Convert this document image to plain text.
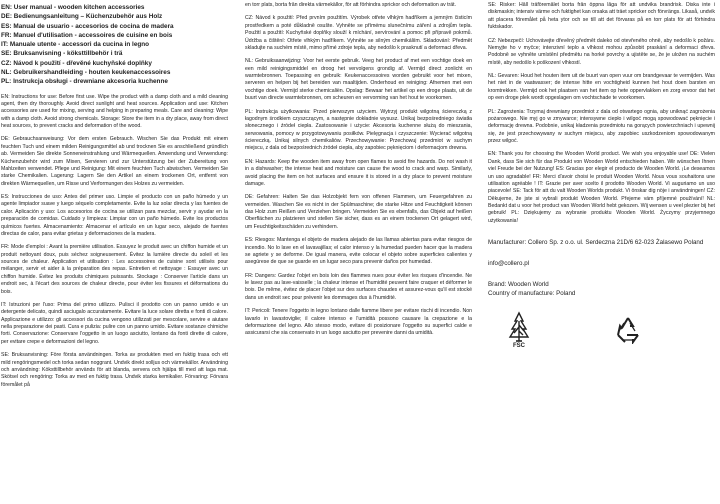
EN: User manual - wooden kitchen accessories
DE: Bedienungsanleitung – Küchenzubehör aus Holz
ES: Manual de usuario - accesorios de cocina de madera
FR: Manuel d'utilisation - accessoires de cuisine en bois
IT: Manuale utente - accessori da cucina in legno
SE: Bruksanvisning - köksttillbehör i trä
CZ: Návod k použití - dřevěné kuchyňské doplňky
NL: Gebruikershandleiding - houten keukenaccessoires
PL: Instrukcja obsługi - drewniane akcesoria kuchenne

EN: Instructions for use: Before first use. Wipe the product with a damp cloth and a mild cleaning agent, then dry thoroughly. Avoid direct sunlight and heat sources. Application and use: Kitchen accessories are used for mixing, serving and helping in preparing meals. Care and cleaning: Wipe with a damp cloth. Avoid strong chemicals. Storage: Store the item in a dry place, away from direct heat sources, to prevent cracks and deformation of the wood.

DE: Gebrauchsanweisung: Vor dem ersten Gebrauch. Wischen Sie das Produkt mit einem feuchten Tuch und einem milden Reinigungsmittel ab und trocknen Sie es anschließend gründlich ab. Vermeiden Sie direkte Sonneneinstrahlung und Wärmequellen. Anwendung und Verwendung: Küchenzubehör wird zum Mixen, Servieren und zur Unterstützung bei der Zubereitung von Mahlzeiten verwendet. Pflege und Reinigung: Mit einem feuchten Tuch abwischen. Vermeiden Sie starke Chemikalien. Lagerung: Lagern Sie den Artikel an einem trockenen Ort, entfernt von direkten Wärmequellen, um Risse und Verformungen des Holzes zu vermeiden.

ES: Instrucciones de uso: Antes del primer uso. Limpie el producto con un paño húmedo y un agente limpiador suave y luego séquelo completamente. Evite la luz solar directa y las fuentes de calor. Aplicación y uso: Los accesorios de cocina se utilizan para mezclar, servir y ayudar en la preparación de comidas. Cuidado y limpieza: Limpiar con un paño húmedo. Evite los productos químicos fuertes. Almacenamiento: Almacenar el artículo en un lugar seco, alejado de fuentes directas de calor, para evitar grietas y deformaciones de la madera.

FR: Mode d'emploi : Avant la première utilisation. Essuyez le produit avec un chiffon humide et un produit nettoyant doux, puis séchez soigneusement. Évitez la lumière directe du soleil et les sources de chaleur. Application et utilisation : Les accessoires de cuisine sont utilisés pour mélanger, servir et aider à la préparation des repas. Entretien et nettoyage : Essuyer avec un chiffon humide. Évitez les produits chimiques puissants. Stockage : Conserver l'article dans un endroit sec, à l'écart des sources de chaleur directe, pour éviter les fissures et déformations du bois.

IT: Istruzioni per l'uso: Prima del primo utilizzo. Pulisci il prodotto con un panno umido e un detergente delicato, quindi asciugalo accuratamente. Evitare la luce solare diretta e fonti di calore. Applicazione e utilizzo: gli accessori da cucina vengono utilizzati per mescolare, servire e aiutare nella preparazione dei pasti. Cura e pulizia: pulire con un panno umido. Evitare sostanze chimiche forti. Conservazione: Conservare l'oggetto in un luogo asciutto, lontano da fonti dirette di calore, per evitare crepe e deformazioni del legno.

SE: Bruksanvisning: Före första användningen. Torka av produkten med en fuktig trasa och ett mild rengöringsmedel och torka sedan noggrant. Undvik direkt solljus och värmekällor. Användning och användning: Köksttillbehör används för att blanda, servera och hjälpa till med att laga mat. Skötsel och rengöring: Torka av med en fuktig trasa. Undvik starka kemikalier. Förvaring: Förvara föremålet på

en torr plats, borta från direkta värmekällor, för att förhindra sprickor och deformation av trät.

CZ: Návod k použití: Před prvním použitím. Výrobek otřete vlhkým hadříkem a jemným čisticím prostředkem a poté důkladně osušte. Vyhněte se přímému slunečnímu záření a zdrojům tepla. Použití a použití: Kuchyňské doplňky slouží k míchání, servírování a pomoc při přípravě pokrmů. Údržba a čištění: Otřete vlhkým hadříkem. Vyhněte se silným chemikáliím. Skladování: Předmět skladujte na suchém místě, mimo přímé zdroje tepla, aby nedošlo k prasknutí a deformaci dřeva.

NL: Gebruiksaanwijzing: Voor het eerste gebruik. Veeg het product af met een vochtige doek en een mild reinigingsmiddel en droog het vervolgens grondig af. Vermijd direct zonlicht en warmtebronnen. Toepassing en gebruik: Keukenaccessoires worden gebruikt voor het mixen, serveren en helpen bij het bereiden van maaltijden. Onderhoud en reiniging: Afnemen met een vochtige doek. Vermijd sterke chemicaliën. Opslag: Bewaar het artikel op een droge plaats, uit de buurt van directe warmtebronnen, om scheuren en vervorming van het hout te voorkomen.

PL: Instrukcja użytkowania: Przed pierwszym użyciem. Wytrzyj produkt wilgotną ściereczką z łagodnym środkiem czyszczącym, a następnie dokładnie wysusz. Unikaj bezpośredniego światła słonecznego i źródeł ciepła. Zastosowanie i użycie: Akcesoria kuchenne służą do mieszania, serwowania, pomocy w przygotowywaniu posiłków. Pielęgnacja i czyszczenie: Wycierać wilgotną ściereczką. Unikaj silnych chemikaliów. Przechowywanie: Przechowuj przedmiot w suchym miejscu, z dala od bezpośrednich źródeł ciepła, aby zapobiec pęknięciom i deformacjom drewna.

EN: Hazards: Keep the wooden item away from open flames to avoid fire hazards. Do not wash it in a dishwasher; the intense heat and moisture can cause the wood to crack and warp. Similarly, avoid placing the item on hot surfaces and ensure it is stored in a dry place to prevent moisture damage.

DE: Gefahren: Halten Sie das Holzobjekt fern von offenen Flammen, um Feuergefahren zu vermeiden. Waschen Sie es nicht in der Spülmaschine; die starke Hitze und Feuchtigkeit können das Holz zum Reißen und Verziehen bringen. Vermeiden Sie es ebenfalls, das Objekt auf heißen Oberflächen zu platzieren und stellen Sie sicher, dass es an einem trockenen Ort gelagert wird, um Feuchtigkeitsschäden zu verhindern.

ES: Riesgos: Mantenga el objeto de madera alejado de las llamas abiertas para evitar riesgos de incendio. No lo lave en el lavavajillas; el calor intenso y la humedad pueden hacer que la madera se agriete y se deforme. De igual manera, evite colocar el objeto sobre superficies calientes y asegúrese de que se guarde en un lugar seco para prevenir daños por humedad.

FR: Dangers: Gardez l'objet en bois loin des flammes nues pour éviter les risques d'incendie. Ne le lavez pas au lave-vaisselle ; la chaleur intense et l'humidité peuvent faire craquer et déformer le bois. De même, évitez de placer l'objet sur des surfaces chaudes et assurez-vous qu'il est stocké dans un endroit sec pour prévenir les dommages dus à l'humidité.

IT: Pericoli: Tenere l'oggetto in legno lontano dalle fiamme libere per evitare rischi di incendio. Non lavarlo in lavastoviglie; il calore intenso e l'umidità possono causare la crepazione e la deformazione del legno. Allo stesso modo, evitare di posizionare l'oggetto su superfici calde e assicurarsi che sia conservato in un luogo asciutto per prevenire danni da umidità.

SE: Risker: Håll träföremålet borta från öppna låga för att undvika brandrisk. Diska inte i diskmaskin; intensiv värme och fuktighet kan orsaka att träet spricker och förvrängs. Likaså, undvik att placera föremålet på heta ytor och se till att det förvaras på en torr plats för att förhindra fuktskador.

CZ: Nebezpečí: Uchovávejte dřevěný předmět daleko od otevřeného ohně, aby nedošlo k požáru. Nemyjte ho v myčce; intenzivní teplo a vlhkost mohou způsobit praskání a deformaci dřeva. Podobně se vyhněte umístění předmětu na horké povrchy a ujistěte se, že je uložen na suchém místě, aby nedošlo k poškození vlhkostí.

NL: Gevaren: Houd het houten item uit de buurt van open vuur om brandgevaar te vermijden. Was het niet in de vaatwasser; de intense hitte en vochtigheid kunnen het hout doen barsten en kromtrekken. Vermijd ook het plaatsen van het item op hete oppervlakken en zorg ervoor dat het op een droge plek wordt opgeslagen om vochtschade te voorkomen.

PL: Zagrożenia: Trzymaj drewniany przedmiot z dala od otwartego ognia, aby uniknąć zagrożenia pożarowego. Nie myj go w zmywarce; intensywne ciepło i wilgoć mogą spowodować pęknięcie i deformację drewna. Podobnie, unikaj kładzenia przedmiotu na gorących powierzchniach i upewnij się, że jest przechowywany w suchym miejscu, aby zapobiec uszkodzeniom spowodowanym przez wilgoć.

EN: Thank you for choosing the Wooden World product. We wish you enjoyable use! DE: Vielen Dank, dass Sie sich für das Produkt von Wooden World entschieden haben. Wir wünschen Ihnen viel Freude bei der Nutzung! ES: Gracias por elegir el producto de Wooden World. ¡Le deseamos un uso agradable! FR: Merci d'avoir choisi le produit Wooden World. Nous vous souhaitons une utilisation agréable ! IT: Grazie per aver scelto il prodotto Wooden World. Vi auguriamo un uso piacevole! SE: Tack för att du valt Wooden Worlds produkt. Vi önskar dig nöje i användningen! CZ: Děkujeme, že jste si vybrali produkt Wooden World. Přejeme vám příjemné používání! NL: Bedankt dat u voor het product van Wooden World hebt gekozen. Wij wensen u veel plezier bij het gebruik! PL: Dziękujemy za wybranie produktu Wooden World. Życzymy przyjemnego użytkowania!

Manufacturer: Collero Sp. z o.o. ul. Serdeczna 21D/6 62-023 Żalasewo Poland
info@collero.pl
Brand: Wooden World
Country of manufacture: Poland
FSC
